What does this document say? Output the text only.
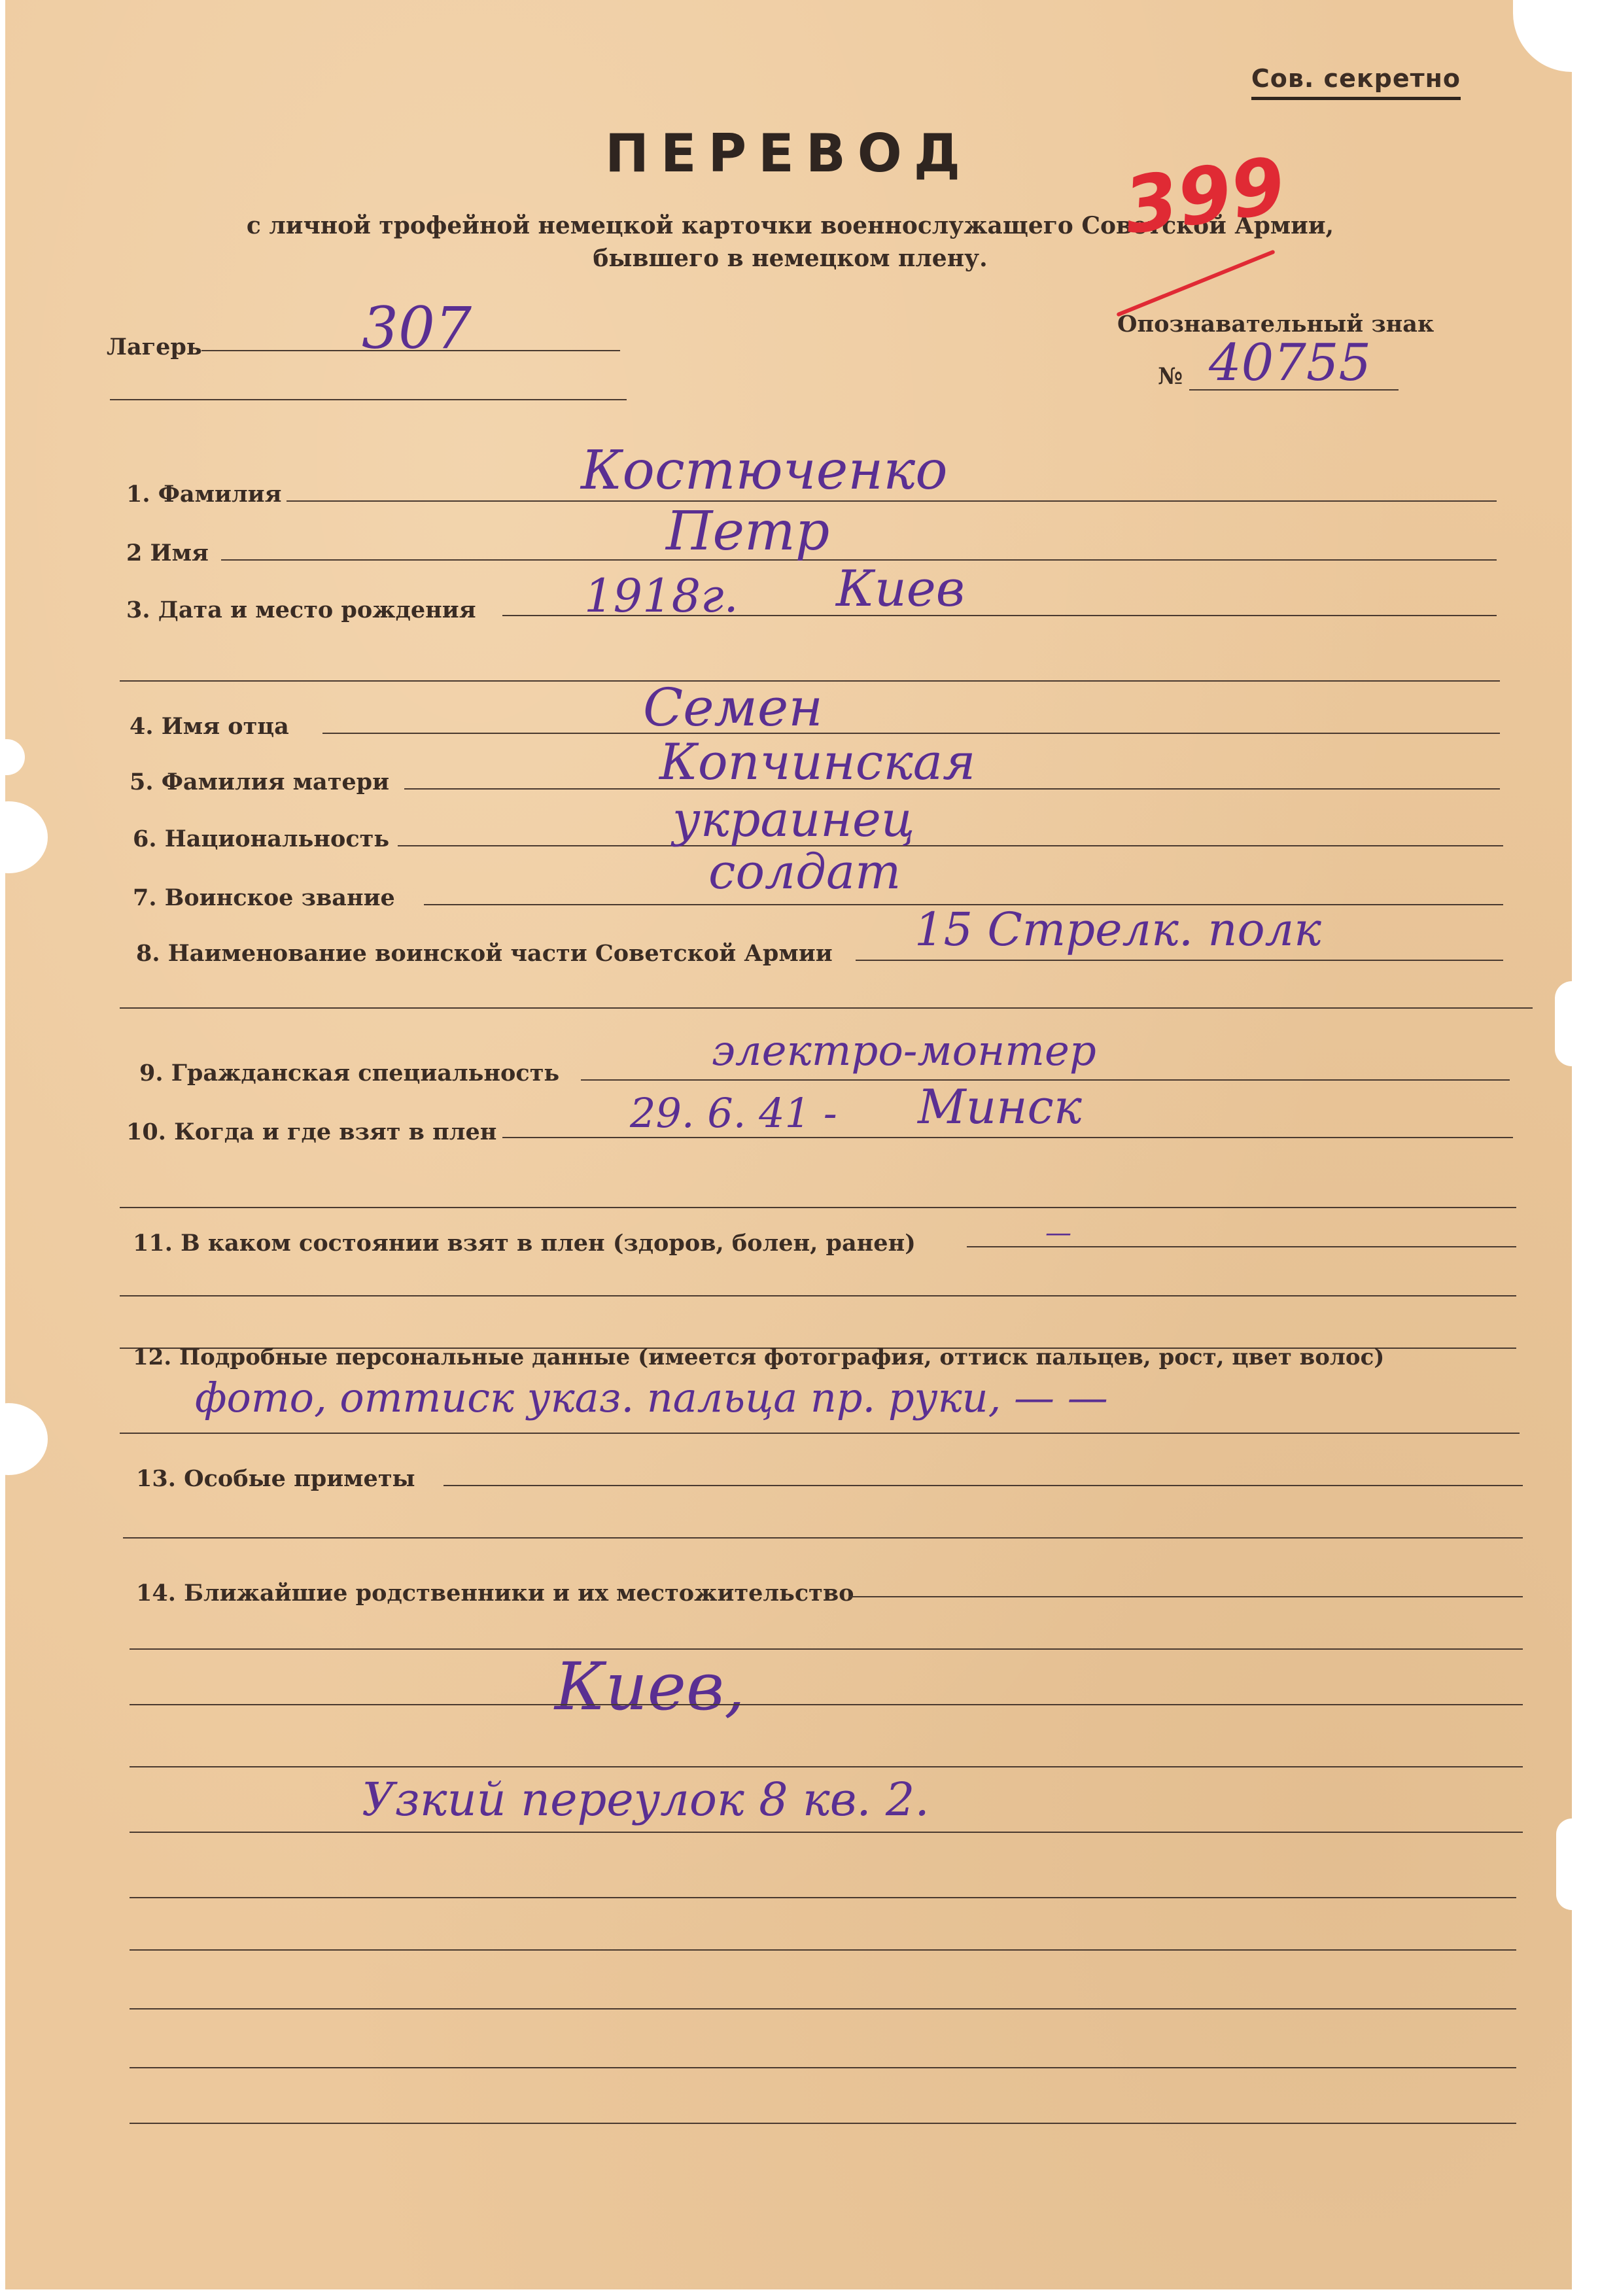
Сов. секретно
ПЕРЕВОД
с личной трофейной немецкой карточки военнослужащего Советской Армии,
бывшего в немецком плену.
399
Лагерь	307	Опознавательный знак
№ 40755
1. Фамилия	Костюченко
2 Имя	Петр
3. Дата и место рождения 1918г. Киев
4. Имя отца	Семен
5. Фамилия матери	Копчинская
6. Национальность	украинец
7. Воинское звание	солдат
8. Наименование воинской части Советской Армии 15 Стрелк. полк
9. Гражданская специальность	электро-монтер
10. Когда и где взят в плен	29. 6. 41 - Минск
11. В каком состоянии взят в плен (здоров, болен, ранен)	—
12. Подробные персональные данные (имеется фотография, оттиск пальцев, рост, цвет волос)
фото, оттиск указ. пальца пр. руки, — —
13. Особые приметы
14. Ближайшие родственники и их местожительство
Киев,
Узкий переулок 8 кв. 2.
